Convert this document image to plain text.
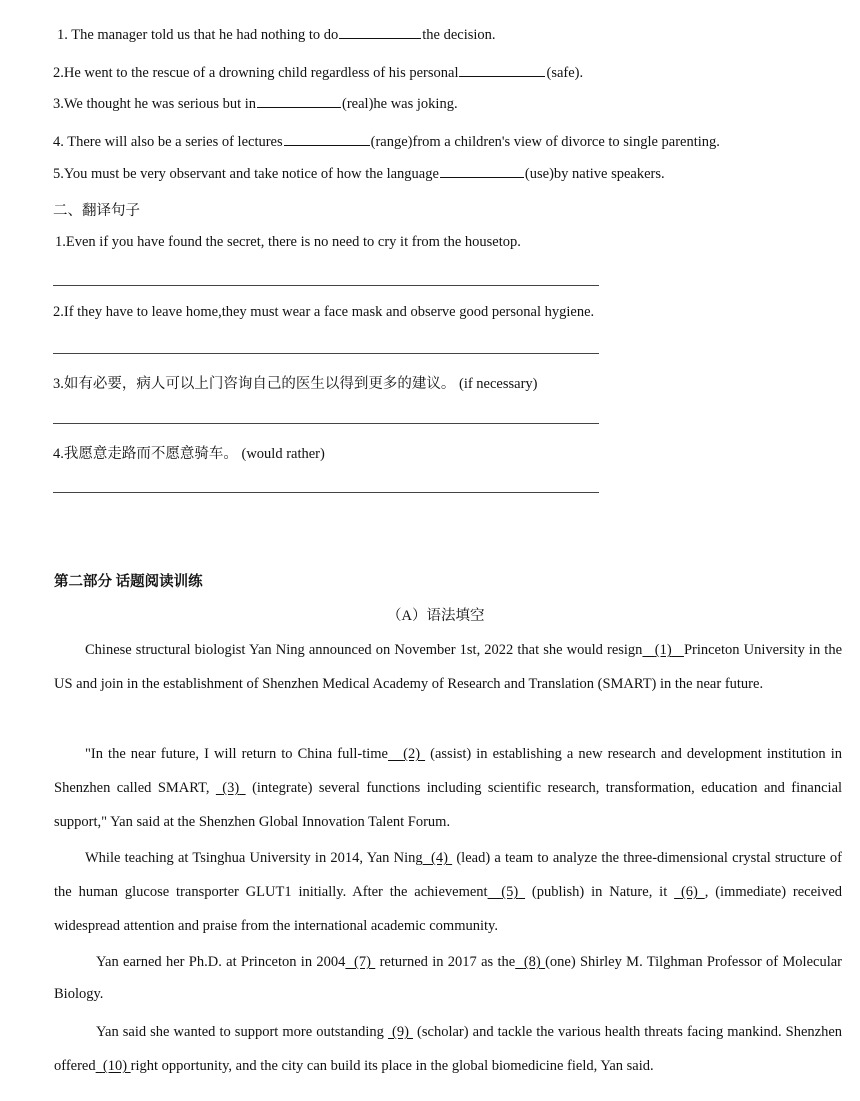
1. The manager told us that he had nothing to do	the decision.
2.He went to the rescue of a drowning child regardless of his personal	(safe).
3.We thought he was serious but in	(real)he was joking.
4. There will also be a series of lectures	(range)from a children's view of divorce to single parenting.
5.You must be very observant and take notice of how the language	(use)by native speakers.
二、翻译句子
1.Even if you have found the secret, there is no need to cry it from the housetop.
2.If they have to leave home,they must wear a face mask and observe good personal hygiene.
3.如有必要，病人可以上门咨询自己的医生以得到更多的建议。 (if necessary)
4.我愿意走路而不愿意骑车。 (would rather)
第二部分 话题阅读训练
（A）语法填空
Chinese structural biologist Yan Ning announced on November 1st, 2022 that she would resign (1) Princeton University in the US and join in the establishment of Shenzhen Medical Academy of Research and Translation (SMART) in the near future.
"In the near future, I will return to China full-time (2) (assist) in establishing a new research and development institution in Shenzhen called SMART, (3) (integrate) several functions including scientific research, transformation, education and financial support," Yan said at the Shenzhen Global Innovation Talent Forum.
While teaching at Tsinghua University in 2014, Yan Ning (4) (lead) a team to analyze the three-dimensional crystal structure of the human glucose transporter GLUT1 initially. After the achievement (5) (publish) in Nature, it (6) , (immediate) received widespread attention and praise from the international academic community.
Yan earned her Ph.D. at Princeton in 2004 (7) returned in 2017 as the (8) (one) Shirley M. Tilghman Professor of Molecular Biology.
Yan said she wanted to support more outstanding (9) (scholar) and tackle the various health threats facing mankind. Shenzhen offered (10) right opportunity, and the city can build its place in the global biomedicine field, Yan said.
